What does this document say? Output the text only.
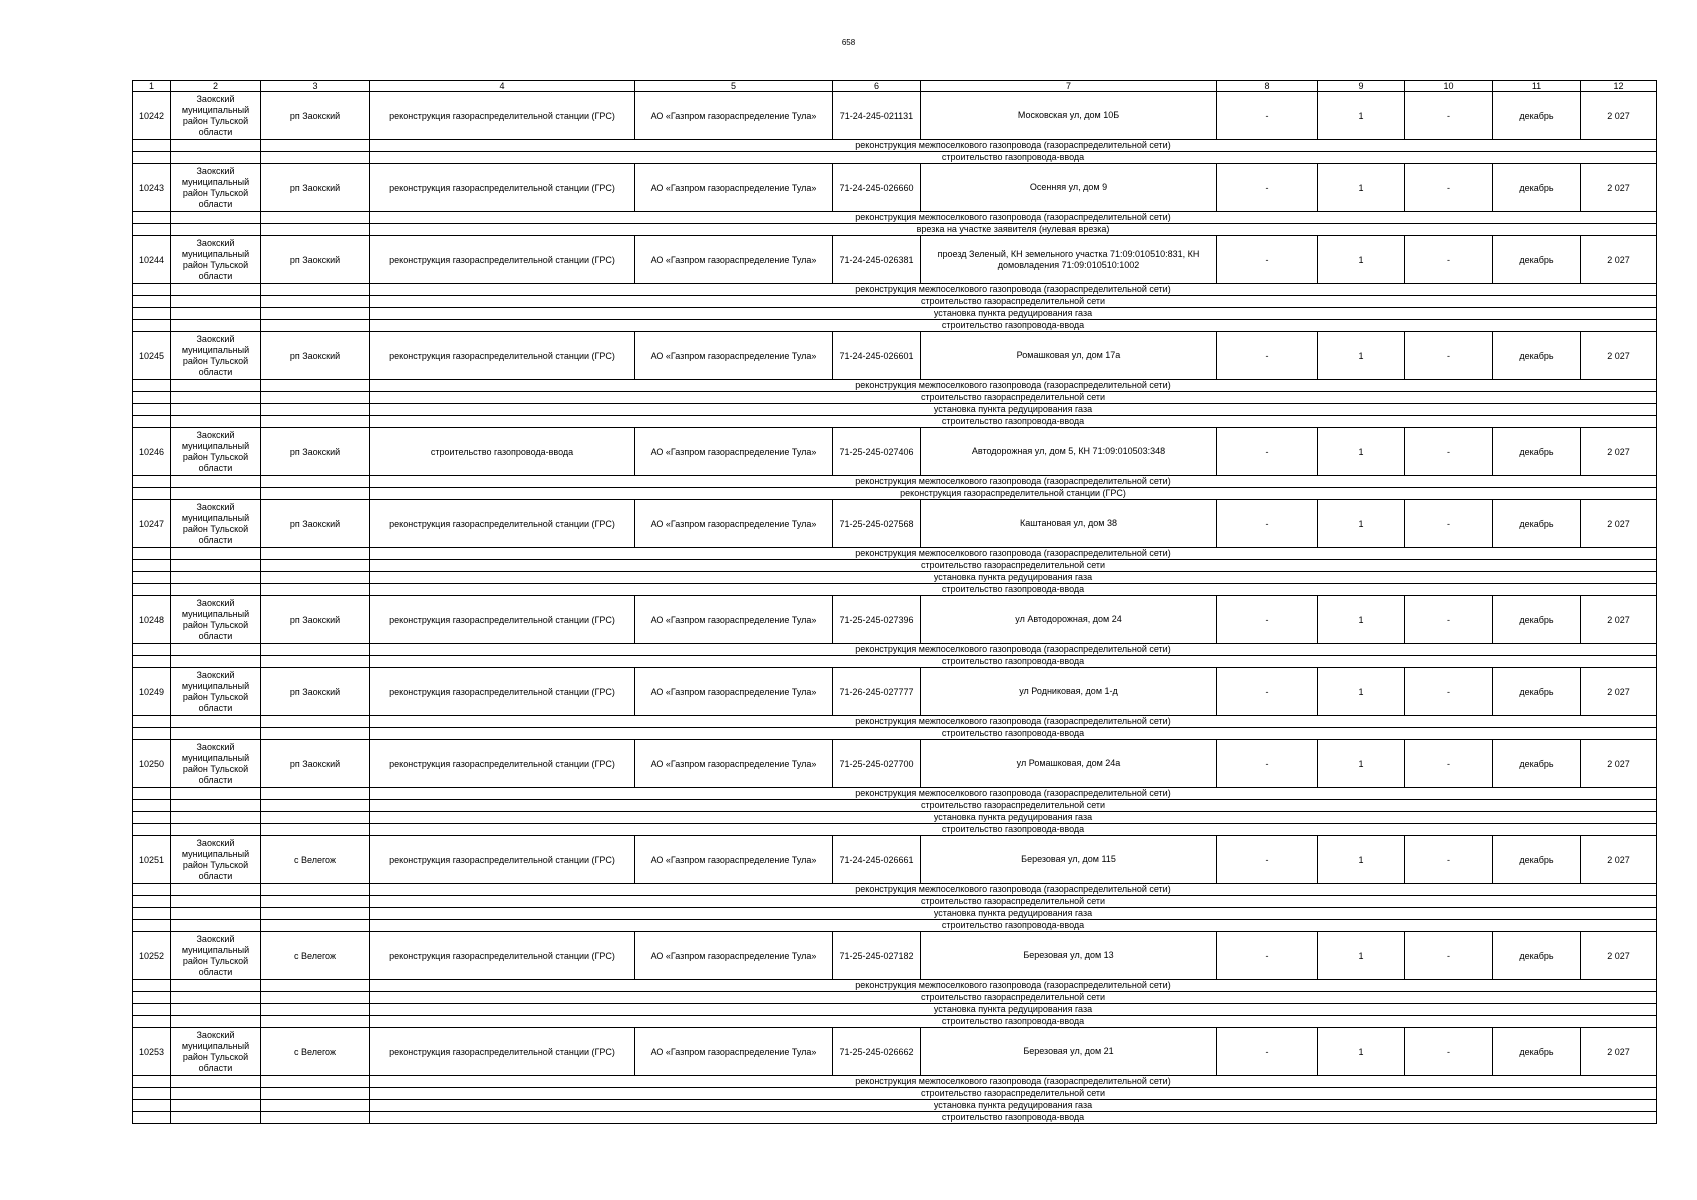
658
1	2	3	4	5	6	7	8	9	10	11	12
10242	Заокский муниципальный район Тульской области	рп Заокский	реконструкция газораспределительной станции (ГРС)	АО «Газпром газораспределение Тула»	71-24-245-021131	Московская ул, дом 10Б	-	1	-	декабрь	2 027
			реконструкция межпоселкового газопровода (газораспределительной сети)								
			строительство газопровода-ввода								
10243	Заокский муниципальный район Тульской области	рп Заокский	реконструкция газораспределительной станции (ГРС)	АО «Газпром газораспределение Тула»	71-24-245-026660	Осенняя ул, дом 9	-	1	-	декабрь	2 027
			реконструкция межпоселкового газопровода (газораспределительной сети)								
			врезка на участке заявителя (нулевая врезка)								
10244	Заокский муниципальный район Тульской области	рп Заокский	реконструкция газораспределительной станции (ГРС)	АО «Газпром газораспределение Тула»	71-24-245-026381	проезд Зеленый, КН земельного участка 71:09:010510:831, КН домовладения 71:09:010510:1002	-	1	-	декабрь	2 027
			реконструкция межпоселкового газопровода (газораспределительной сети)								
			строительство газораспределительной сети								
			установка пункта редуцирования газа								
			строительство газопровода-ввода								
10245	Заокский муниципальный район Тульской области	рп Заокский	реконструкция газораспределительной станции (ГРС)	АО «Газпром газораспределение Тула»	71-24-245-026601	Ромашковая ул, дом 17а	-	1	-	декабрь	2 027
			реконструкция межпоселкового газопровода (газораспределительной сети)								
			строительство газораспределительной сети								
			установка пункта редуцирования газа								
			строительство газопровода-ввода								
10246	Заокский муниципальный район Тульской области	рп Заокский	строительство газопровода-ввода	АО «Газпром газораспределение Тула»	71-25-245-027406	Автодорожная ул, дом 5, КН 71:09:010503:348	-	1	-	декабрь	2 027
			реконструкция межпоселкового газопровода (газораспределительной сети)								
			реконструкция газораспределительной станции (ГРС)								
10247	Заокский муниципальный район Тульской области	рп Заокский	реконструкция газораспределительной станции (ГРС)	АО «Газпром газораспределение Тула»	71-25-245-027568	Каштановая ул, дом 38	-	1	-	декабрь	2 027
			реконструкция межпоселкового газопровода (газораспределительной сети)								
			строительство газораспределительной сети								
			установка пункта редуцирования газа								
			строительство газопровода-ввода								
10248	Заокский муниципальный район Тульской области	рп Заокский	реконструкция газораспределительной станции (ГРС)	АО «Газпром газораспределение Тула»	71-25-245-027396	ул Автодорожная, дом 24	-	1	-	декабрь	2 027
			реконструкция межпоселкового газопровода (газораспределительной сети)								
			строительство газопровода-ввода								
10249	Заокский муниципальный район Тульской области	рп Заокский	реконструкция газораспределительной станции (ГРС)	АО «Газпром газораспределение Тула»	71-26-245-027777	ул Родниковая, дом 1-д	-	1	-	декабрь	2 027
			реконструкция межпоселкового газопровода (газораспределительной сети)								
			строительство газопровода-ввода								
10250	Заокский муниципальный район Тульской области	рп Заокский	реконструкция газораспределительной станции (ГРС)	АО «Газпром газораспределение Тула»	71-25-245-027700	ул Ромашковая, дом 24а	-	1	-	декабрь	2 027
			реконструкция межпоселкового газопровода (газораспределительной сети)								
			строительство газораспределительной сети								
			установка пункта редуцирования газа								
			строительство газопровода-ввода								
10251	Заокский муниципальный район Тульской области	с Велегож	реконструкция газораспределительной станции (ГРС)	АО «Газпром газораспределение Тула»	71-24-245-026661	Березовая ул, дом 115	-	1	-	декабрь	2 027
			реконструкция межпоселкового газопровода (газораспределительной сети)								
			строительство газораспределительной сети								
			установка пункта редуцирования газа								
			строительство газопровода-ввода								
10252	Заокский муниципальный район Тульской области	с Велегож	реконструкция газораспределительной станции (ГРС)	АО «Газпром газораспределение Тула»	71-25-245-027182	Березовая ул, дом 13	-	1	-	декабрь	2 027
			реконструкция межпоселкового газопровода (газораспределительной сети)								
			строительство газораспределительной сети								
			установка пункта редуцирования газа								
			строительство газопровода-ввода								
10253	Заокский муниципальный район Тульской области	с Велегож	реконструкция газораспределительной станции (ГРС)	АО «Газпром газораспределение Тула»	71-25-245-026662	Березовая ул, дом 21	-	1	-	декабрь	2 027
			реконструкция межпоселкового газопровода (газораспределительной сети)								
			строительство газораспределительной сети								
			установка пункта редуцирования газа								
			строительство газопровода-ввода								
